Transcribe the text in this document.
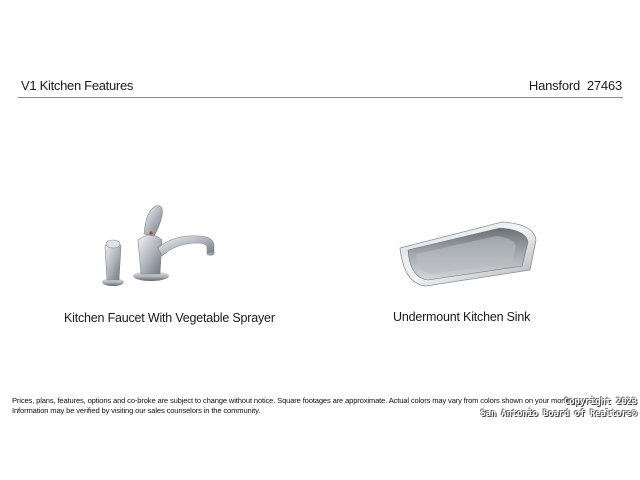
V1 Kitchen Features	Hansford  27463
Kitchen Faucet With Vegetable Sprayer	Undermount Kitchen Sink
Prices, plans, features, options and co-broke are subject to change without notice. Square footages are approximate. Actual colors may vary from colors shown on your monitor. Information may be verified by visiting our sales counselors in the community.
Copyright 2023
San Antonio Board of Realtors®
